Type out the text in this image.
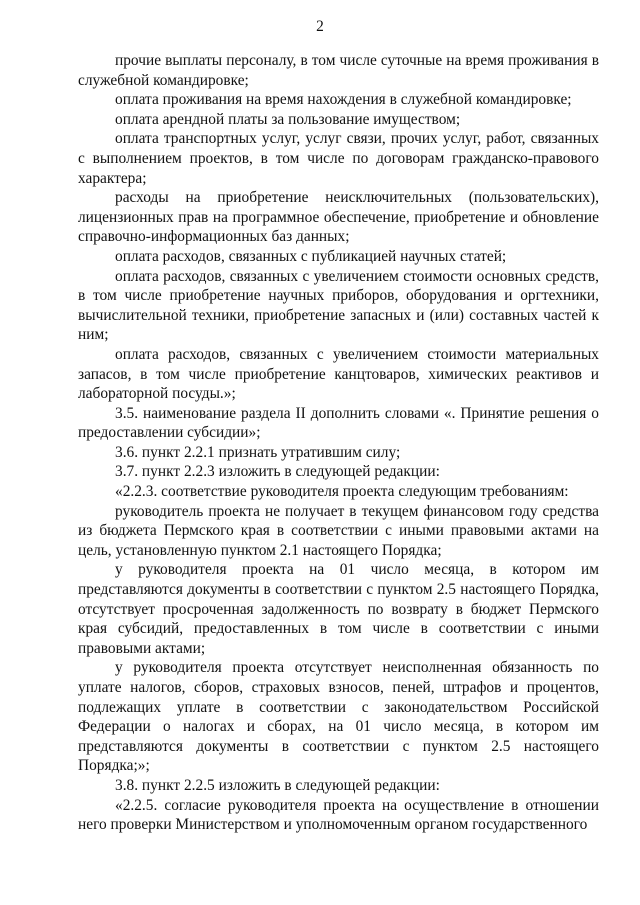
2

прочие выплаты персоналу, в том числе суточные на время проживания в служебной командировке;

оплата проживания на время нахождения в служебной командировке;

оплата арендной платы за пользование имуществом;

оплата транспортных услуг, услуг связи, прочих услуг, работ, связанных с выполнением проектов, в том числе по договорам гражданско-правового характера;

расходы на приобретение неисключительных (пользовательских), лицензионных прав на программное обеспечение, приобретение и обновление справочно-информационных баз данных;

оплата расходов, связанных с публикацией научных статей;

оплата расходов, связанных с увеличением стоимости основных средств, в том числе приобретение научных приборов, оборудования и оргтехники, вычислительной техники, приобретение запасных и (или) составных частей к ним;

оплата расходов, связанных с увеличением стоимости материальных запасов, в том числе приобретение канцтоваров, химических реактивов и лабораторной посуды.»;

3.5. наименование раздела II дополнить словами «. Принятие решения о предоставлении субсидии»;

3.6. пункт 2.2.1 признать утратившим силу;

3.7. пункт 2.2.3 изложить в следующей редакции:

«2.2.3. соответствие руководителя проекта следующим требованиям:

руководитель проекта не получает в текущем финансовом году средства из бюджета Пермского края в соответствии с иными правовыми актами на цель, установленную пунктом 2.1 настоящего Порядка;

у руководителя проекта на 01 число месяца, в котором им представляются документы в соответствии с пунктом 2.5 настоящего Порядка, отсутствует просроченная задолженность по возврату в бюджет Пермского края субсидий, предоставленных в том числе в соответствии с иными правовыми актами;

у руководителя проекта отсутствует неисполненная обязанность по уплате налогов, сборов, страховых взносов, пеней, штрафов и процентов, подлежащих уплате в соответствии с законодательством Российской Федерации о налогах и сборах, на 01 число месяца, в котором им представляются документы в соответствии с пунктом 2.5 настоящего Порядка;»;

3.8. пункт 2.2.5 изложить в следующей редакции:

«2.2.5. согласие руководителя проекта на осуществление в отношении него проверки Министерством и уполномоченным органом государственного
